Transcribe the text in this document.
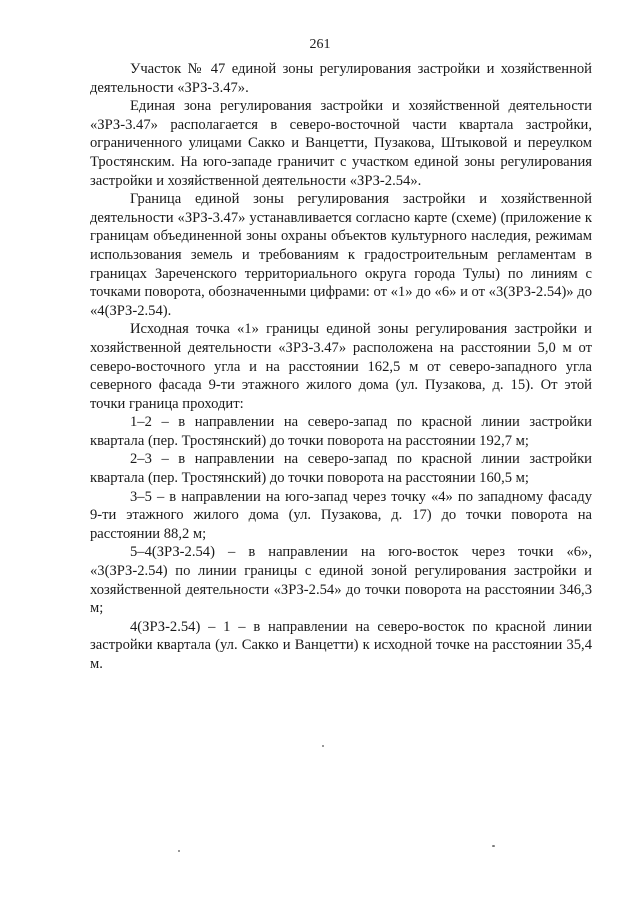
261

Участок № 47 единой зоны регулирования застройки и хозяйственной деятельности «ЗРЗ-3.47».

Единая зона регулирования застройки и хозяйственной деятельности «ЗРЗ-3.47» располагается в северо-восточной части квартала застройки, ограниченного улицами Сакко и Ванцетти, Пузакова, Штыковой и переулком Тростянским. На юго-западе граничит с участком единой зоны регулирования застройки и хозяйственной деятельности «ЗРЗ-2.54».

Граница единой зоны регулирования застройки и хозяйственной деятельности «ЗРЗ-3.47» устанавливается согласно карте (схеме) (приложение к границам объединенной зоны охраны объектов культурного наследия, режимам использования земель и требованиям к градостроительным регламентам в границах Зареченского территориального округа города Тулы) по линиям с точками поворота, обозначенными цифрами: от «1» до «6» и от «3(ЗРЗ-2.54)» до «4(ЗРЗ-2.54).

Исходная точка «1» границы единой зоны регулирования застройки и хозяйственной деятельности «ЗРЗ-3.47» расположена на расстоянии 5,0 м от северо-восточного угла и на расстоянии 162,5 м от северо-западного угла северного фасада 9-ти этажного жилого дома (ул. Пузакова, д. 15). От этой точки граница проходит:

1–2 – в направлении на северо-запад по красной линии застройки квартала (пер. Тростянский) до точки поворота на расстоянии 192,7 м;

2–3 – в направлении на северо-запад по красной линии застройки квартала (пер. Тростянский) до точки поворота на расстоянии 160,5 м;

3–5 – в направлении на юго-запад через точку «4» по западному фасаду 9-ти этажного жилого дома (ул. Пузакова, д. 17) до точки поворота на расстоянии 88,2 м;

5–4(ЗРЗ-2.54) – в направлении на юго-восток через точки «6», «3(ЗРЗ-2.54) по линии границы с единой зоной регулирования застройки и хозяйственной деятельности «ЗРЗ-2.54» до точки поворота на расстоянии 346,3 м;

4(ЗРЗ-2.54) – 1 – в направлении на северо-восток по красной линии застройки квартала (ул. Сакко и Ванцетти) к исходной точке на расстоянии 35,4 м.
